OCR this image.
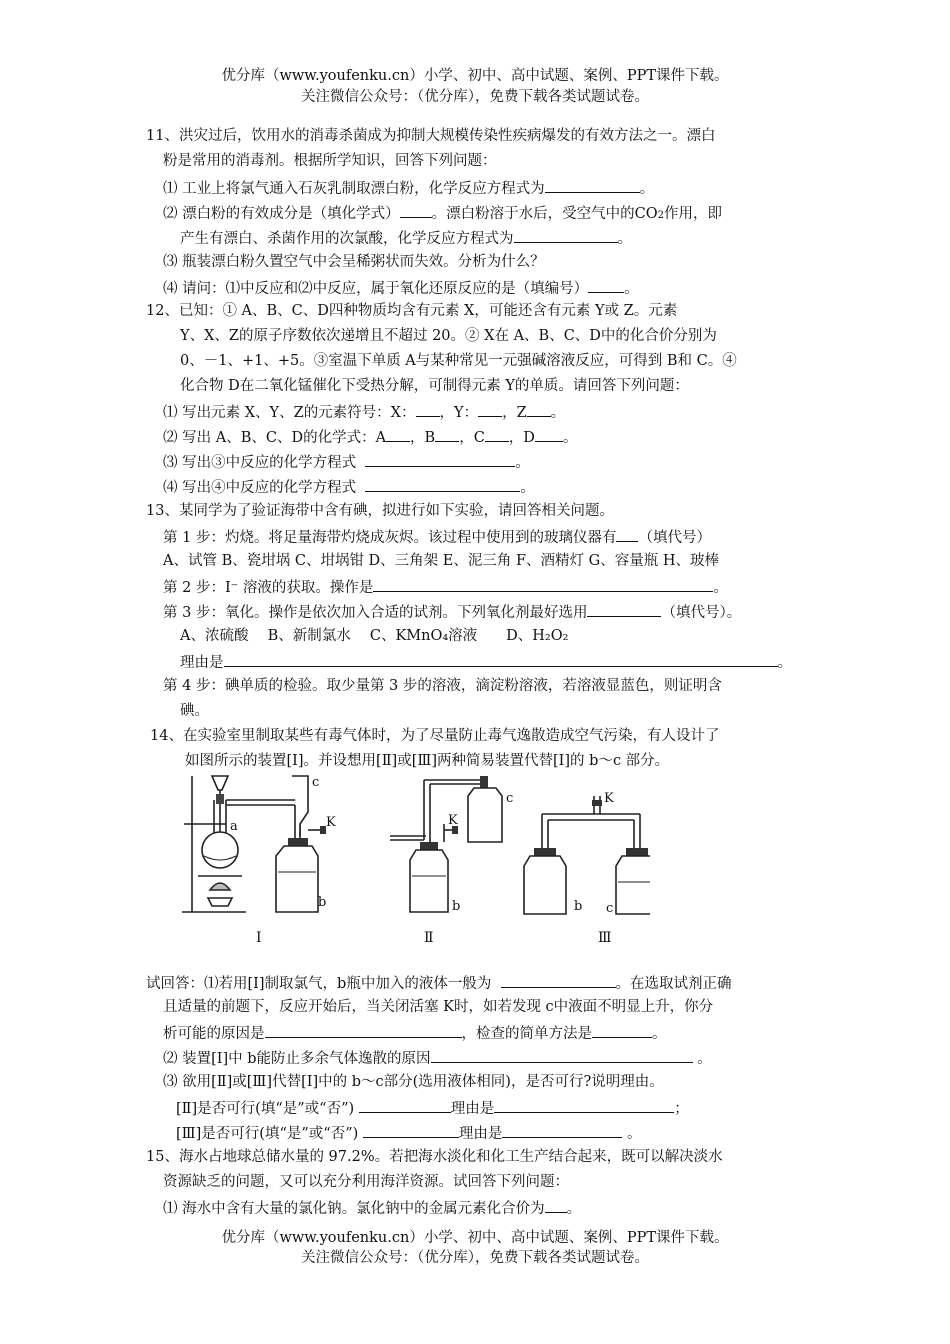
优分库（www.youfenku.cn）小学、初中、高中试题、案例、PPT课件下载。
关注微信公众号：（优分库），免费下载各类试题试卷。
11、洪灾过后，饮用水的消毒杀菌成为抑制大规模传染性疾病爆发的有效方法之一。漂白
粉是常用的消毒剂。根据所学知识，回答下列问题：
⑴ 工业上将氯气通入石灰乳制取漂白粉，化学反应方程式为	。
⑵ 漂白粉的有效成分是（填化学式） 。漂白粉溶于水后，受空气中的CO2作用，即
产生有漂白、杀菌作用的次氯酸，化学反应方程式为	。
⑶ 瓶装漂白粉久置空气中会呈稀粥状而失效。分析为什么？
⑷ 请问：⑴中反应和⑵中反应，属于氧化还原反应的是（填编号） 。
12、已知：① A、B、C、D四种物质均含有元素 X，可能还含有元素 Y或 Z。元素
Y、X、Z的原子序数依次递增且不超过 20。② X在 A、B、C、D中的化合价分别为
0、－1、+1、+5。③室温下单质 A与某种常见一元强碱溶液反应，可得到 B和 C。④
化合物 D在二氧化锰催化下受热分解，可制得元素 Y的单质。请回答下列问题：
⑴ 写出元素 X、Y、Z的元素符号：X： ，Y： ，Z 。
⑵ 写出 A、B、C、D的化学式：A ，B ，C ，D 。
⑶ 写出③中反应的化学方程式	。
⑷ 写出④中反应的化学方程式	。
13、某同学为了验证海带中含有碘，拟进行如下实验，请回答相关问题。
第 1 步：灼烧。将足量海带灼烧成灰烬。该过程中使用到的玻璃仪器有 （填代号）
A、试管 B、瓷坩埚 C、坩埚钳 D、三角架 E、泥三角 F、酒精灯 G、容量瓶 H、玻棒
第 2 步：I⁻ 溶液的获取。操作是	。
第 3 步：氧化。操作是依次加入合适的试剂。下列氧化剂最好选用	（填代号）。
A、浓硫酸　 B、新制氯水　 C、KMnO₄溶液　　D、H₂O₂
理由是	。
第 4 步：碘单质的检验。取少量第 3 步的溶液，滴淀粉溶液，若溶液显蓝色，则证明含
碘。
14、在实验室里制取某些有毒气体时，为了尽量防止毒气逸散造成空气污染，有人设计了
如图所示的装置[I]。并设想用[Ⅱ]或[Ⅲ]两种简易装置代替[I]的 b～c 部分。
a
c
K
b
I
K
c
b
Ⅱ
K
b c
Ⅲ
试回答：⑴若用[I]制取氯气，b瓶中加入的液体一般为	。在选取试剂正确
且适量的前题下，反应开始后，当关闭活塞 K时，如若发现 c中液面不明显上升，你分
析可能的原因是	，检查的简单方法是	。
⑵ 装置[I]中 b能防止多余气体逸散的原因	。
⑶ 欲用[Ⅱ]或[Ⅲ]代替[I]中的 b～c部分(选用液体相同)，是否可行?说明理由。
[Ⅱ]是否可行(填“是”或“否”)	理由是	；
[Ⅲ]是否可行(填“是”或“否”)	理由是	。
15、海水占地球总储水量的 97.2%。若把海水淡化和化工生产结合起来，既可以解决淡水
资源缺乏的问题，又可以充分利用海洋资源。试回答下列问题：
⑴ 海水中含有大量的氯化钠。氯化钠中的金属元素化合价为 。
优分库（www.youfenku.cn）小学、初中、高中试题、案例、PPT课件下载。
关注微信公众号：（优分库），免费下载各类试题试卷。
